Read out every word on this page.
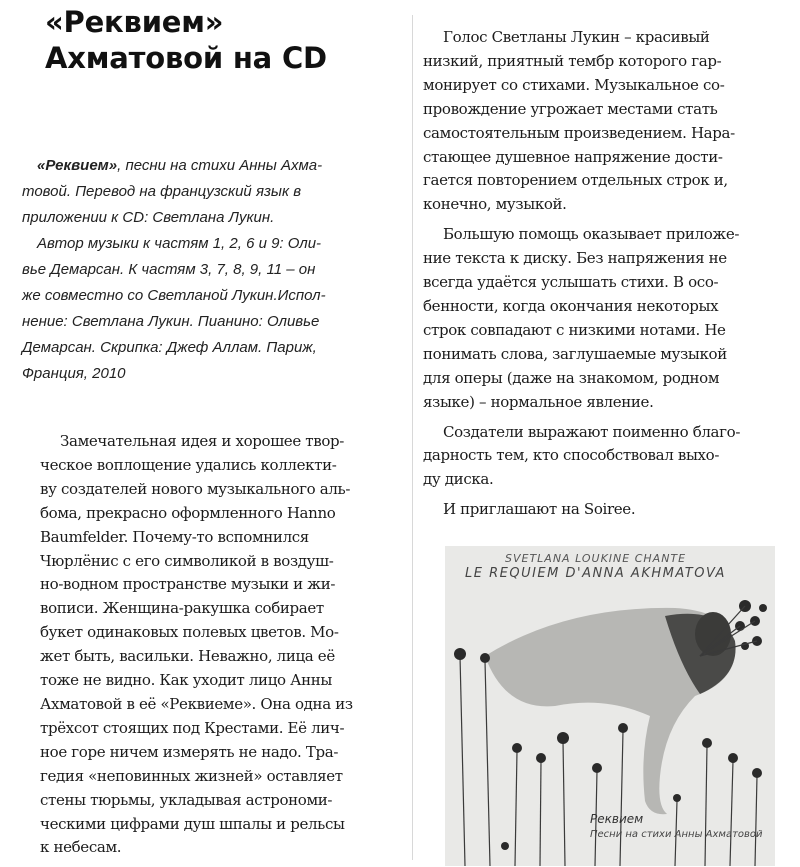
«Реквием»
Ахматовой на CD

«Реквием», песни на стихи Анны Ахма-

товой. Перевод на французский язык в

приложении к CD: Светлана Лукин.

Автор музыки к частям 1, 2, 6 и 9: Оли-

вье Демарсан. К частям 3, 7, 8, 9, 11 – он

же совместно со Светланой Лукин.Испол-

нение: Светлана Лукин. Пианино: Оливье

Демарсан. Скрипка: Джеф Аллам. Париж,

Франция, 2010

Замечательная идея и хорошее твор-

ческое воплощение удались коллекти-

ву создателей нового музыкального аль-

бома, прекрасно оформленного Hanno

Baumfelder. Почему-то вспомнился

Чюрлёнис с его символикой в воздуш-

но-водном пространстве музыки и жи-

вописи. Женщина-ракушка собирает

букет одинаковых полевых цветов. Мо-

жет быть, васильки. Неважно, лица её

тоже не видно. Как уходит лицо Анны

Ахматовой в её «Реквиеме». Она одна из

трёхсот стоящих под Крестами. Её лич-

ное горе ничем измерять не надо. Тра-

гедия «неповинных жизней» оставляет

стены тюрьмы, укладывая астрономи-

ческими цифрами душ шпалы и рельсы

к небесам.

Голос Светланы Лукин – красивый

низкий, приятный тембр которого гар-

монирует со стихами. Музыкальное со-

провождение угрожает местами стать

самостоятельным произведением. Нара-

стающее душевное напряжение дости-

гается повторением отдельных строк и,

конечно, музыкой.

Большую помощь оказывает приложе-

ние текста к диску. Без напряжения не

всегда удаётся услышать стихи. В осо-

бенности, когда окончания некоторых

строк совпадают с низкими нотами. Не

понимать слова, заглушаемые музыкой

для оперы (даже на знакомом, родном

языке) – нормальное явление.

Создатели выражают поименно благо-

дарность тем, кто способствовал выхо-

ду диска.

И приглашают на Soiree.

SVETLANA LOUKINE CHANTE
LE REQUIEM D'ANNA AKHMATOVA
Реквием
Песни на стихи Анны Ахматовой
